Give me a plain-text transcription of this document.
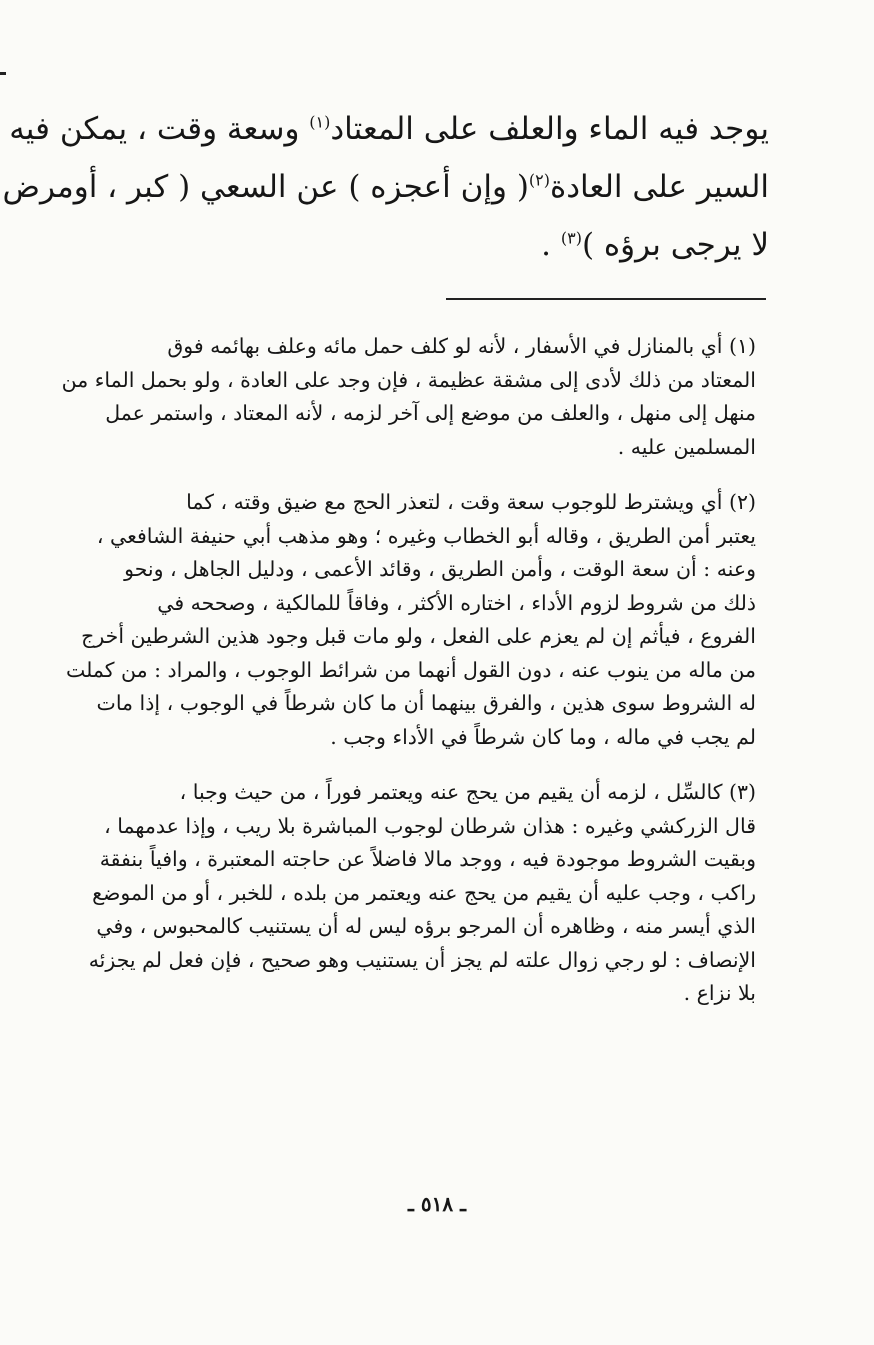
يوجد فيه الماء والعلف على المعتاد$^{(١)}$ وسعة وقت ، يمكن فيه
السير على العادة$^{(٢)}$( وإن أعجزه ) عن السعي ( كبر ، أومرض
لا يرجى برؤه )$^{(٣)}$ .
(١) أي بالمنازل في الأسفار ، لأنه لو كلف حمل مائه وعلف بهائمه فوق
المعتاد من ذلك لأدى إلى مشقة عظيمة ، فإن وجد على العادة ، ولو بحمل الماء من
منهل إلى منهل ، والعلف من موضع إلى آخر لزمه ، لأنه المعتاد ، واستمر عمل
المسلمين عليه .
(٢) أي ويشترط للوجوب سعة وقت ، لتعذر الحج مع ضيق وقته ، كما
يعتبر أمن الطريق ، وقاله أبو الخطاب وغيره ؛ وهو مذهب أبي حنيفة الشافعي ،
وعنه : أن سعة الوقت ، وأمن الطريق ، وقائد الأعمى ، ودليل الجاهل ، ونحو
ذلك من شروط لزوم الأداء ، اختاره الأكثر ، وفاقاً للمالكية ، وصححه في
الفروع ، فيأثم إن لم يعزم على الفعل ، ولو مات قبل وجود هذين الشرطين أخرج
من ماله من ينوب عنه ، دون القول أنهما من شرائط الوجوب ، والمراد : من كملت
له الشروط سوى هذين ، والفرق بينهما أن ما كان شرطاً في الوجوب ، إذا مات
لم يجب في ماله ، وما كان شرطاً في الأداء وجب .
(٣) كالسِّل ، لزمه أن يقيم من يحج عنه ويعتمر فوراً ، من حيث وجبا ،
قال الزركشي وغيره : هذان شرطان لوجوب المباشرة بلا ريب ، وإذا عدمهما ،
وبقيت الشروط موجودة فيه ، ووجد مالا فاضلاً عن حاجته المعتبرة ، وافياً بنفقة
راكب ، وجب عليه أن يقيم من يحج عنه ويعتمر من بلده ، للخبر ، أو من الموضع
الذي أيسر منه ، وظاهره أن المرجو برؤه ليس له أن يستنيب كالمحبوس ، وفي
الإنصاف : لو رجي زوال علته لم يجز أن يستنيب وهو صحيح ، فإن فعل لم يجزئه
بلا نزاع .
ـ ٥١٨ ـ
